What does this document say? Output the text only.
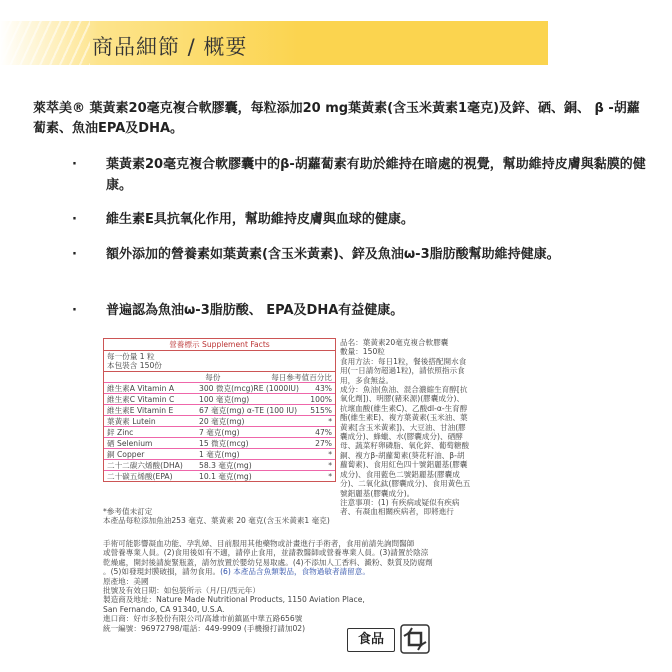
商品細節 / 概要
萊萃美® 葉黃素20毫克複合軟膠囊，每粒添加20 mg葉黃素(含玉米黃素1毫克)及鋅、硒、銅、 β -胡蘿蔔素、魚油EPA及DHA。
·	葉黃素20毫克複合軟膠囊中的β-胡蘿蔔素有助於維持在暗處的視覺，幫助維持皮膚與黏膜的健康。
·	維生素E具抗氧化作用，幫助維持皮膚與血球的健康。
·	額外添加的營養素如葉黃素(含玉米黃素)、鋅及魚油ω-3脂肪酸幫助維持健康。
·	普遍認為魚油ω-3脂肪酸、 EPA及DHA有益健康。
營養標示 Supplement Facts
每一份量 1 粒
本包裝含 150份
每份	每日參考值百分比
維生素A Vitamin A	300 微克(mcg)RE (1000IU)	43%
維生素C Vitamin C	100 毫克(mg)	100%
維生素E Vitamin E	67 毫克(mg) α-TE (100 IU)	515%
葉黃素 Lutein	20 毫克(mg)	*
鋅 Zinc	7 毫克(mg)	47%
硒 Selenium	15 微克(mcg)	27%
銅 Copper	1 毫克(mg)	*
二十二碳六烯酸(DHA)	58.3 毫克(mg)	*
二十碳五烯酸(EPA)	10.1 毫克(mg)	*
*參考值未訂定
本產品每粒添加魚油253 毫克、葉黃素 20 毫克(含玉米黃素1 毫克)

品名：葉黃素20毫克複合軟膠囊

數量：150粒

食用方法：每日1粒，餐後搭配開水食用(一日請勿超過1粒)，請依照指示食用，多食無益。

成分：魚油(魚油、混合濃縮生育醇[抗氧化劑])、明膠(豬來源)(膠囊成分)、抗壞血酸(維生素C)、乙酸dl-α-生育醇酯(維生素E)、複方葉黃素(玉米油、葉黃素[含玉米黃素])、大豆油、甘油(膠囊成分)、蜂蠟、水(膠囊成分)、硒酵母、蔬菜籽卵磷脂、氧化鋅、葡萄糖酸銅、複方β-胡蘿蔔素(葵花籽油、β-胡蘿蔔素)、食用紅色四十號鋁麗基(膠囊成分)、食用藍色二號鋁麗基(膠囊成分)、二氧化鈦(膠囊成分)、食用黃色五號鋁麗基(膠囊成分)。

注意事項：(1) 有疾病或疑似有疾病者、有凝血相關疾病者，即將進行

手術可能影響凝血功能、孕乳婦、目前服用其他藥物或計畫進行手術者，食用前請先詢問醫師

或營養專業人員。(2)食用後如有不適，請停止食用，並請教醫師或營養專業人員。(3)請置於陰涼

乾燥處，開封後請旋緊瓶蓋，請勿放置於嬰幼兒易取處。(4)不添加人工香料、澱粉、麩質及防腐劑

。(5)如發現封膜破損，請勿食用。(6) 本產品含魚類製品，食物過敏者請留意。

原產地：美國

批號及有效日期：如包裝所示（月/日/西元年）

製造商及地址：Nature Made Nutritional Products, 1150 Aviation Place,

San Fernando, CA 91340, U.S.A.

進口商：好市多股份有限公司/高雄市前鎮區中華五路656號

統一編號：96972798/電話：449-9909 (手機撥打請加02)

食品
